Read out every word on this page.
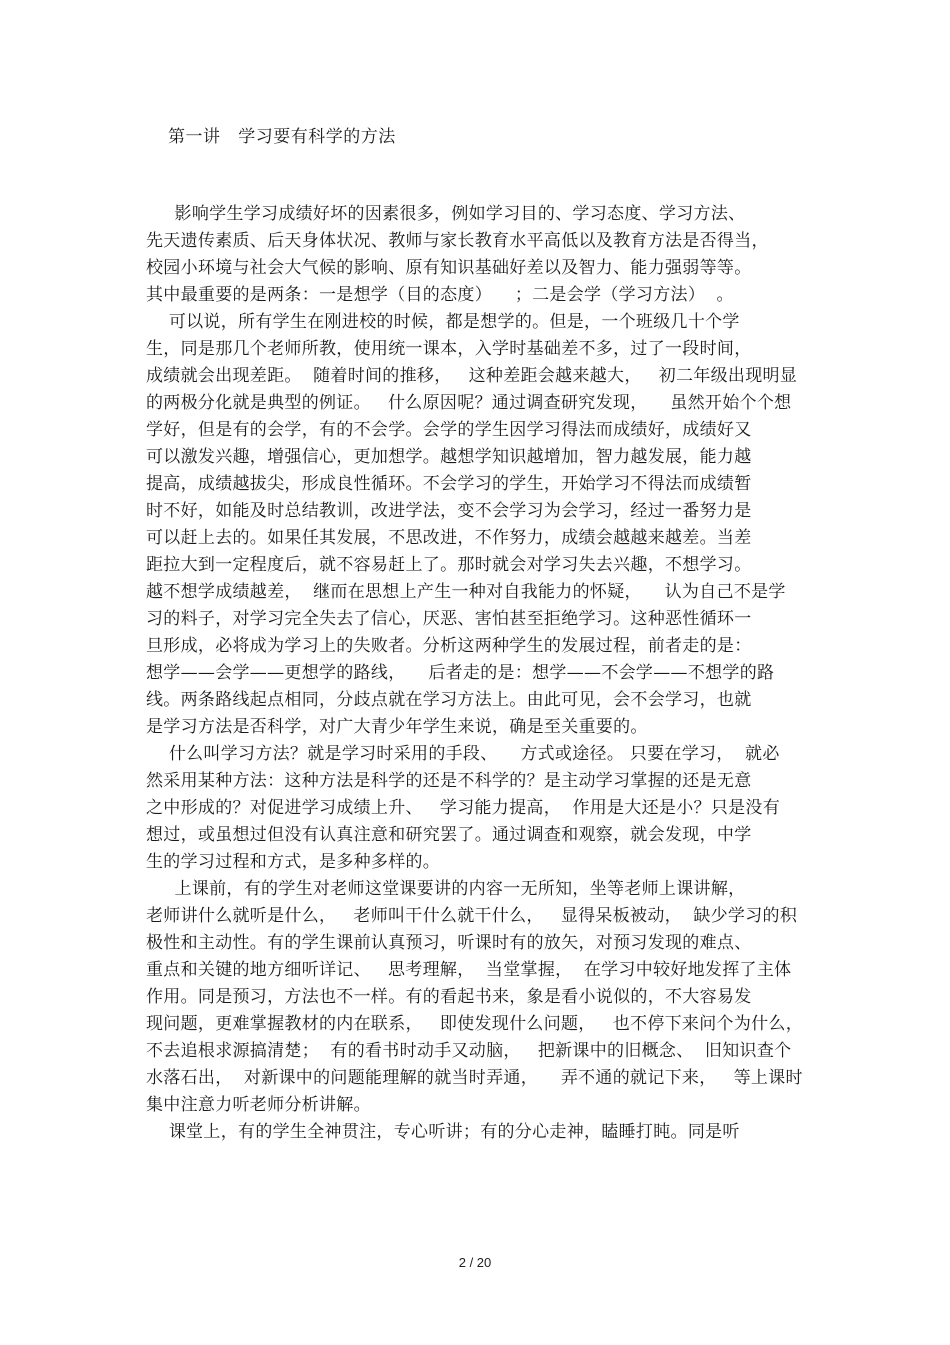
第一讲   学习要有科学的方法
影响学生学习成绩好坏的因素很多，例如学习目的、学习态度、学习方法、
先天遗传素质、后天身体状况、教师与家长教育水平高低以及教育方法是否得当，
校园小环境与社会大气候的影响、原有知识基础好差以及智力、能力强弱等等。
其中最重要的是两条：一是想学（目的态度）    ；二是会学（学习方法）  。
可以说，所有学生在刚进校的时候，都是想学的。但是，一个班级几十个学
生，同是那几个老师所教，使用统一课本，入学时基础差不多，过了一段时间，
成绩就会出现差距。  随着时间的推移，   这种差距会越来越大，   初二年级出现明显
的两极分化就是典型的例证。   什么原因呢？通过调查研究发现，    虽然开始个个想
学好，但是有的会学，有的不会学。会学的学生因学习得法而成绩好，成绩好又
可以激发兴趣，增强信心，更加想学。越想学知识越增加，智力越发展，能力越
提高，成绩越拔尖，形成良性循环。不会学习的学生，开始学习不得法而成绩暂
时不好，如能及时总结教训，改进学法，变不会学习为会学习，经过一番努力是
可以赶上去的。如果任其发展，不思改进，不作努力，成绩会越越来越差。当差
距拉大到一定程度后，就不容易赶上了。那时就会对学习失去兴趣，不想学习。
越不想学成绩越差，  继而在思想上产生一种对自我能力的怀疑，    认为自己不是学
习的料子，对学习完全失去了信心，厌恶、害怕甚至拒绝学习。这种恶性循环一
旦形成，必将成为学习上的失败者。分析这两种学生的发展过程，前者走的是：
想学——会学——更想学的路线，    后者走的是：想学——不会学——不想学的路
线。两条路线起点相同，分歧点就在学习方法上。由此可见，会不会学习，也就
是学习方法是否科学，对广大青少年学生来说，确是至关重要的。
什么叫学习方法？就是学习时采用的手段、    方式或途径。 只要在学习，  就必
然采用某种方法：这种方法是科学的还是不科学的？是主动学习掌握的还是无意
之中形成的？对促进学习成绩上升、   学习能力提高，  作用是大还是小？只是没有
想过，或虽想过但没有认真注意和研究罢了。通过调查和观察，就会发现，中学
生的学习过程和方式，是多种多样的。
上课前，有的学生对老师这堂课要讲的内容一无所知，坐等老师上课讲解，
老师讲什么就听是什么，   老师叫干什么就干什么，   显得呆板被动，  缺少学习的积
极性和主动性。有的学生课前认真预习，听课时有的放矢，对预习发现的难点、
重点和关键的地方细听详记、   思考理解，  当堂掌握，  在学习中较好地发挥了主体
作用。同是预习，方法也不一样。有的看起书来，象是看小说似的，不大容易发
现问题，更难掌握教材的内在联系，   即使发现什么问题，   也不停下来问个为什么，
不去追根求源搞清楚；  有的看书时动手又动脑，   把新课中的旧概念、  旧知识查个
水落石出，  对新课中的问题能理解的就当时弄通，    弄不通的就记下来，   等上课时
集中注意力听老师分析讲解。
课堂上，有的学生全神贯注，专心听讲；有的分心走神，瞌睡打盹。同是听
2 / 20
